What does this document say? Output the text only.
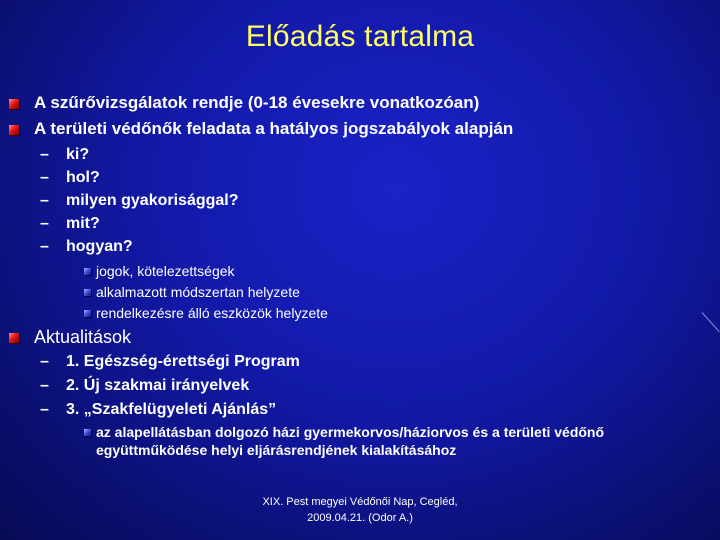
Előadás tartalma
A szűrővizsgálatok rendje (0-18 évesekre vonatkozóan)
A területi védőnők feladata a hatályos jogszabályok alapján
– ki?
– hol?
– milyen gyakorisággal?
– mit?
– hogyan?
jogok, kötelezettségek
alkalmazott módszertan helyzete
rendelkezésre álló eszközök helyzete
Aktualitások
– 1. Egészség-érettségi Program
– 2. Új szakmai irányelvek
– 3. „Szakfelügyeleti Ajánlás”
az alapellátásban dolgozó házi gyermekorvos/háziorvos és a területi védőnő
együttműködése helyi eljárásrendjének kialakításához
XIX. Pest megyei Védőnői Nap, Cegléd,
2009.04.21. (Odor A.)
